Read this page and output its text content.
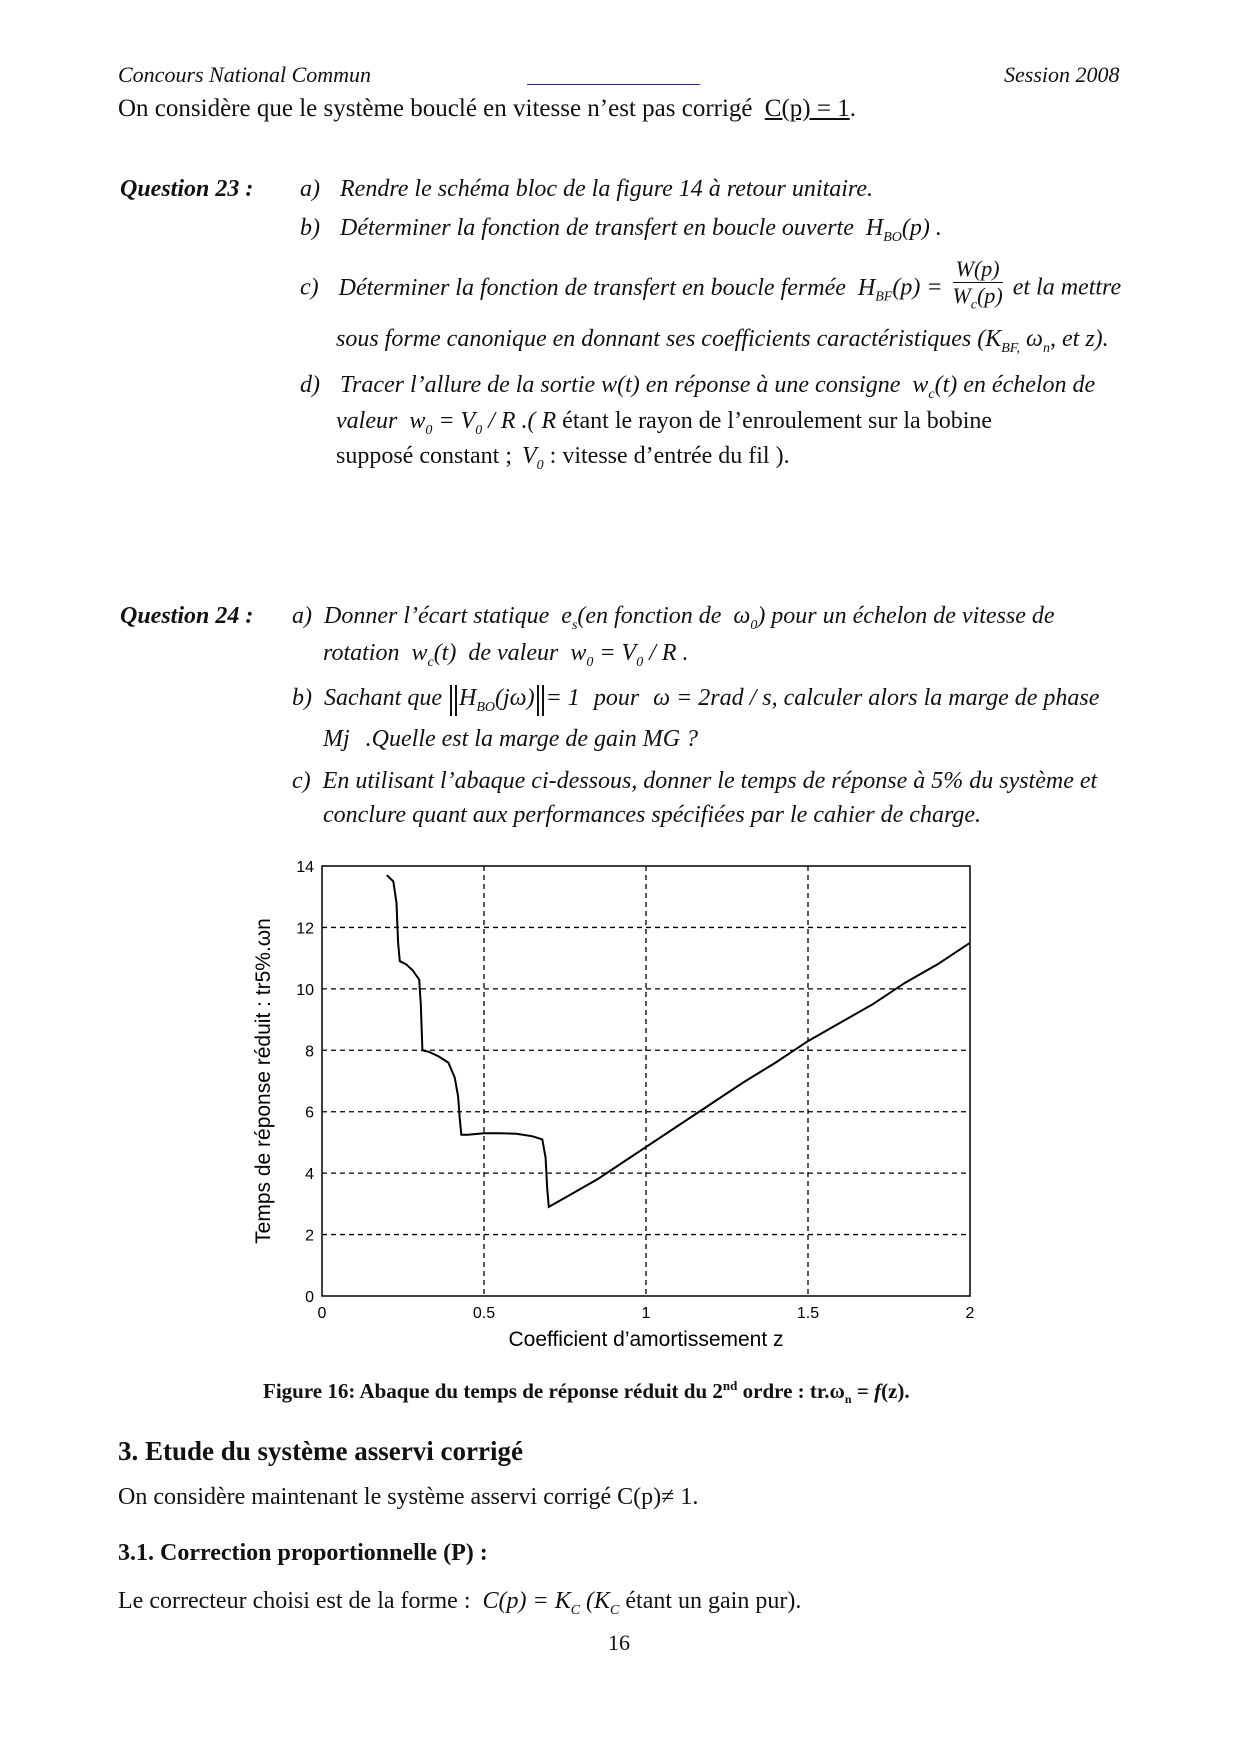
Concours National Commun	Session 2008
On considère que le système bouclé en vitesse n’est pas corrigé C(p) = 1.
Question 23 : a) Rendre le schéma bloc de la figure 14 à retour unitaire.
b) Déterminer la fonction de transfert en boucle ouverte $H_{BO}(p)$ .
c) Déterminer la fonction de transfert en boucle fermée $H_{BF}(p) = \frac{W(p)}{W_c(p)}$ et la mettre
sous forme canonique en donnant ses coefficients caractéristiques ($K_{BF,}$ $\omega_n$, et z).
d) Tracer l’allure de la sortie w(t) en réponse à une consigne $w_c(t)$ en échelon de
valeur $w_0 = V_0 / R$ .( R étant le rayon de l’enroulement sur la bobine
supposé constant ; $V_0$ : vitesse d’entrée du fil ).
Question 24 : a) Donner l’écart statique $e_s(en$ fonction de $\omega_0$) pour un échelon de vitesse de
rotation $w_c(t)$ de valeur $w_0 = V_0 / R$ .
b) Sachant que $H_{BO}(j\omega) = 1$ pour ω = 2rad / s, calculer alors la marge de phase
Mj .Quelle est la marge de gain MG ?
c) En utilisant l’abaque ci-dessous, donner le temps de réponse à 5% du système et
conclure quant aux performances spécifiées par le cahier de charge.
0	0.5	1	1.5	2
0
2
4
6
8
10
12
14
Coefficient d’amortissement z
Temps de réponse réduit : tr5%.ωn
Figure 16: Abaque du temps de réponse réduit du 2nd ordre : $tr.\omega_n = f(z)$.
3. Etude du système asservi corrigé
On considère maintenant le système asservi corrigé C(p)≠ 1.
3.1. Correction proportionnelle (P) :
Le correcteur choisi est de la forme : $C(p) = K_C$ ($K_C$ étant un gain pur).
16
